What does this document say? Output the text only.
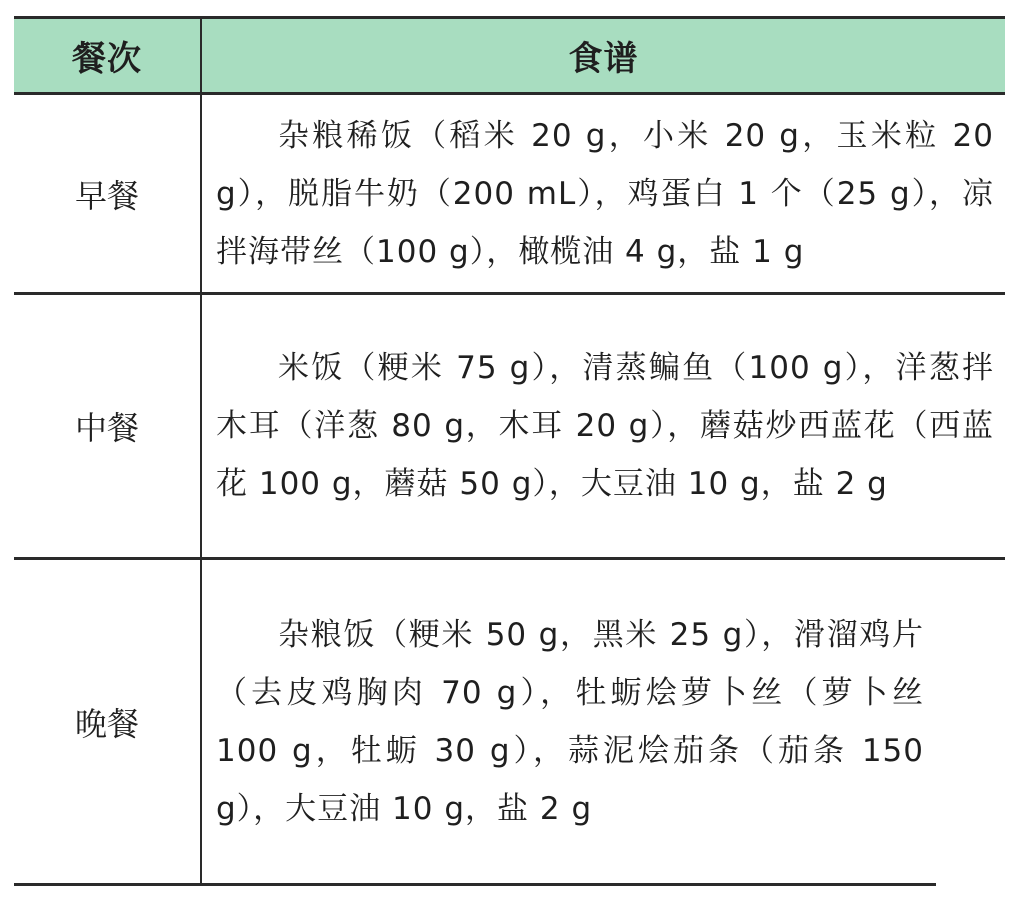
餐次	食谱
早餐
杂粮稀饭（稻米 20 g，小米 20 g，玉米粒 20 g），脱脂牛奶（200 mL），鸡蛋白 1 个（25 g），凉拌海带丝（100 g），橄榄油 4 g，盐 1 g
中餐
米饭（粳米 75 g），清蒸鳊鱼（100 g），洋葱拌木耳（洋葱 80 g，木耳 20 g），蘑菇炒西蓝花（西蓝花 100 g，蘑菇 50 g），大豆油 10 g，盐 2 g
晚餐
杂粮饭（粳米 50 g，黑米 25 g），滑溜鸡片（去皮鸡胸肉 70 g），牡蛎烩萝卜丝（萝卜丝 100 g，牡蛎 30 g），蒜泥烩茄条（茄条 150 g），大豆油 10 g，盐 2 g
